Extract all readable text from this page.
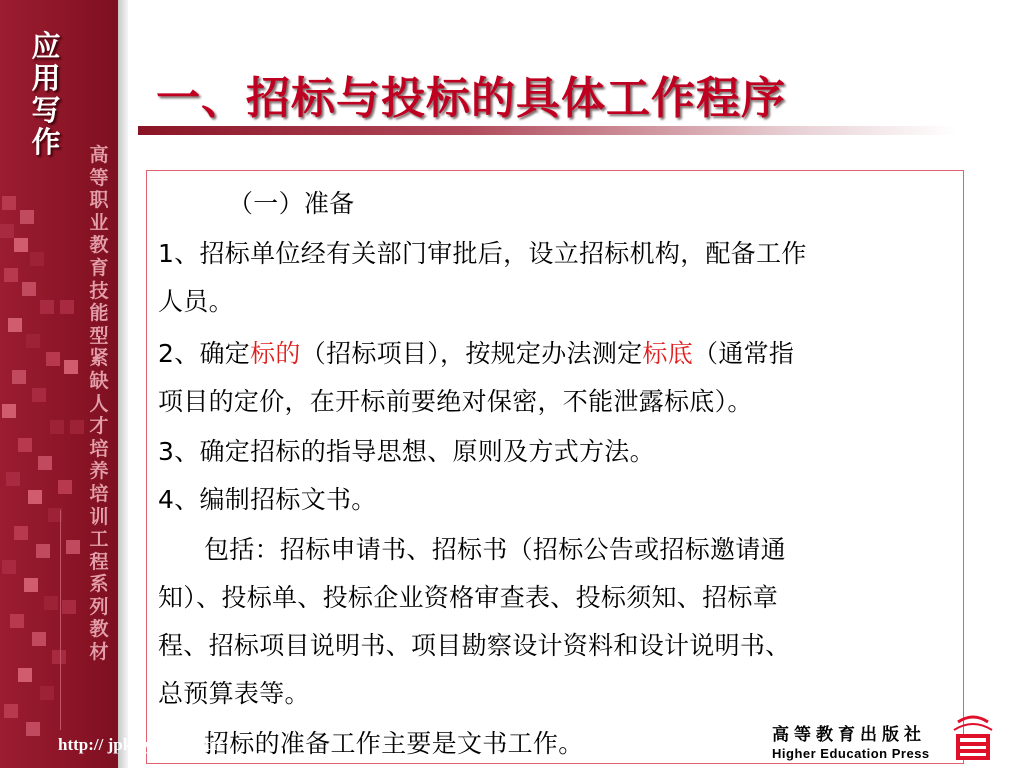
应
用
写
作 高
等
职
业
教
育
技
能
型
紧
缺
人
才
培
养
培
训
工
程
系
列
教
材
一、招标与投标的具体工作程序
（一）准备
1、招标单位经有关部门审批后，设立招标机构，配备工作
人员。
2、确定标的（招标项目），按规定办法测定标底（通常指
项目的定价，在开标前要绝对保密，不能泄露标底）。
3、确定招标的指导思想、原则及方式方法。
4、编制招标文书。
包括：招标申请书、招标书（招标公告或招标邀请通
知）、投标单、投标企业资格审查表、投标须知、招标章
程、招标项目说明书、项目勘察设计资料和设计说明书、
总预算表等。
招标的准备工作主要是文书工作。
http:// jpkc.yzu.edu.cn	高等教育出版社
Higher Education Press
